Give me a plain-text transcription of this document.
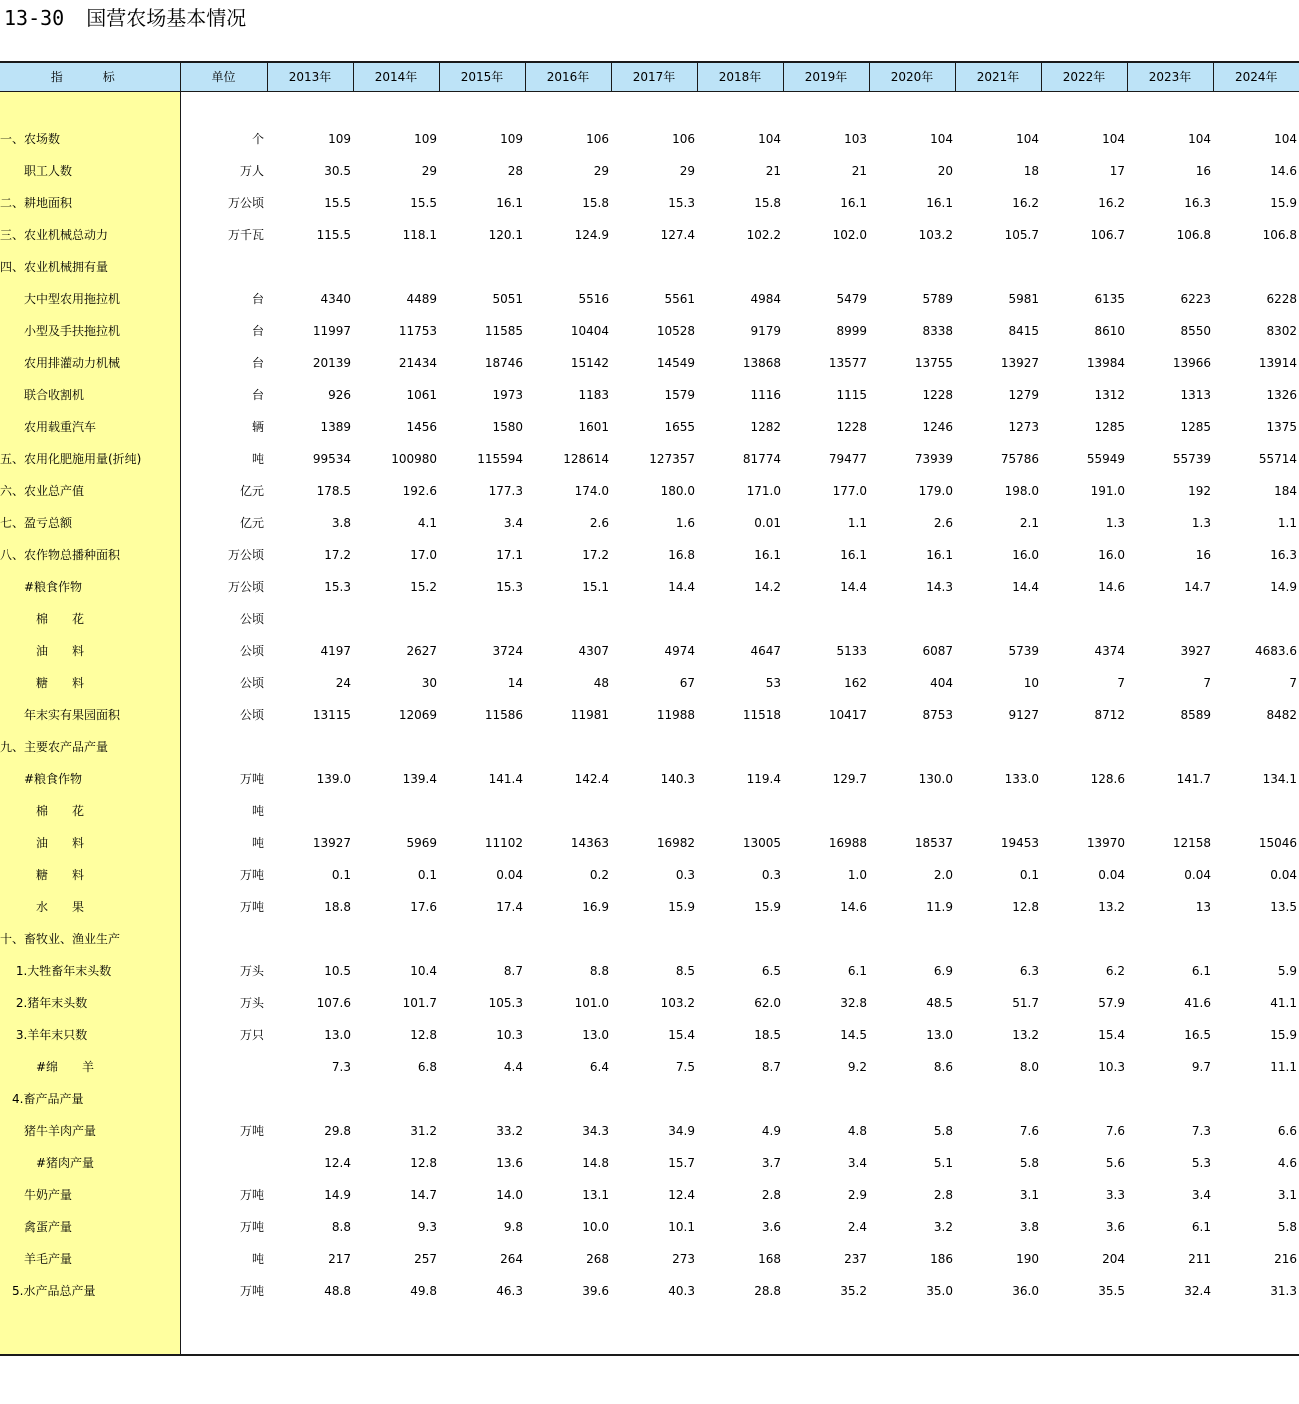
13-30 国营农场基本情况
指　标	单位	2013年	2014年	2015年	2016年	2017年	2018年	2019年	2020年	2021年	2022年	2023年	2024年

一、农场数	个	109	109	109	106	106	104	103	104	104	104	104	104
　　职工人数	万人	30.5	29	28	29	29	21	21	20	18	17	16	14.6
二、耕地面积	万公顷	15.5	15.5	16.1	15.8	15.3	15.8	16.1	16.1	16.2	16.2	16.3	15.9
三、农业机械总动力	万千瓦	115.5	118.1	120.1	124.9	127.4	102.2	102.0	103.2	105.7	106.7	106.8	106.8
四、农业机械拥有量													
　　大中型农用拖拉机	台	4340	4489	5051	5516	5561	4984	5479	5789	5981	6135	6223	6228
　　小型及手扶拖拉机	台	11997	11753	11585	10404	10528	9179	8999	8338	8415	8610	8550	8302
　　农用排灌动力机械	台	20139	21434	18746	15142	14549	13868	13577	13755	13927	13984	13966	13914
　　联合收割机	台	926	1061	1973	1183	1579	1116	1115	1228	1279	1312	1313	1326
　　农用载重汽车	辆	1389	1456	1580	1601	1655	1282	1228	1246	1273	1285	1285	1375
五、农用化肥施用量(折纯)	吨	99534	100980	115594	128614	127357	81774	79477	73939	75786	55949	55739	55714
六、农业总产值	亿元	178.5	192.6	177.3	174.0	180.0	171.0	177.0	179.0	198.0	191.0	192	184
七、盈亏总额	亿元	3.8	4.1	3.4	2.6	1.6	0.01	1.1	2.6	2.1	1.3	1.3	1.1
八、农作物总播种面积	万公顷	17.2	17.0	17.1	17.2	16.8	16.1	16.1	16.1	16.0	16.0	16	16.3
　　#粮食作物	万公顷	15.3	15.2	15.3	15.1	14.4	14.2	14.4	14.3	14.4	14.6	14.7	14.9
　　　棉　　花	公顷												
　　　油　　料	公顷	4197	2627	3724	4307	4974	4647	5133	6087	5739	4374	3927	4683.6
　　　糖　　料	公顷	24	30	14	48	67	53	162	404	10	7	7	7
　　年末实有果园面积	公顷	13115	12069	11586	11981	11988	11518	10417	8753	9127	8712	8589	8482
九、主要农产品产量													
　　#粮食作物	万吨	139.0	139.4	141.4	142.4	140.3	119.4	129.7	130.0	133.0	128.6	141.7	134.1
　　　棉　　花	吨												
　　　油　　料	吨	13927	5969	11102	14363	16982	13005	16988	18537	19453	13970	12158	15046
　　　糖　　料	万吨	0.1	0.1	0.04	0.2	0.3	0.3	1.0	2.0	0.1	0.04	0.04	0.04
　　　水　　果	万吨	18.8	17.6	17.4	16.9	15.9	15.9	14.6	11.9	12.8	13.2	13	13.5
十、畜牧业、渔业生产													
　 1.大牲畜年末头数	万头	10.5	10.4	8.7	8.8	8.5	6.5	6.1	6.9	6.3	6.2	6.1	5.9
　 2.猪年末头数	万头	107.6	101.7	105.3	101.0	103.2	62.0	32.8	48.5	51.7	57.9	41.6	41.1
　 3.羊年末只数	万只	13.0	12.8	10.3	13.0	15.4	18.5	14.5	13.0	13.2	15.4	16.5	15.9
　　　#绵　　羊		7.3	6.8	4.4	6.4	7.5	8.7	9.2	8.6	8.0	10.3	9.7	11.1
　4.畜产品产量													
　　猪牛羊肉产量	万吨	29.8	31.2	33.2	34.3	34.9	4.9	4.8	5.8	7.6	7.6	7.3	6.6
　　　#猪肉产量		12.4	12.8	13.6	14.8	15.7	3.7	3.4	5.1	5.8	5.6	5.3	4.6
　　牛奶产量	万吨	14.9	14.7	14.0	13.1	12.4	2.8	2.9	2.8	3.1	3.3	3.4	3.1
　　禽蛋产量	万吨	8.8	9.3	9.8	10.0	10.1	3.6	2.4	3.2	3.8	3.6	6.1	5.8
　　羊毛产量	吨	217	257	264	268	273	168	237	186	190	204	211	216
　5.水产品总产量	万吨	48.8	49.8	46.3	39.6	40.3	28.8	35.2	35.0	36.0	35.5	32.4	31.3
